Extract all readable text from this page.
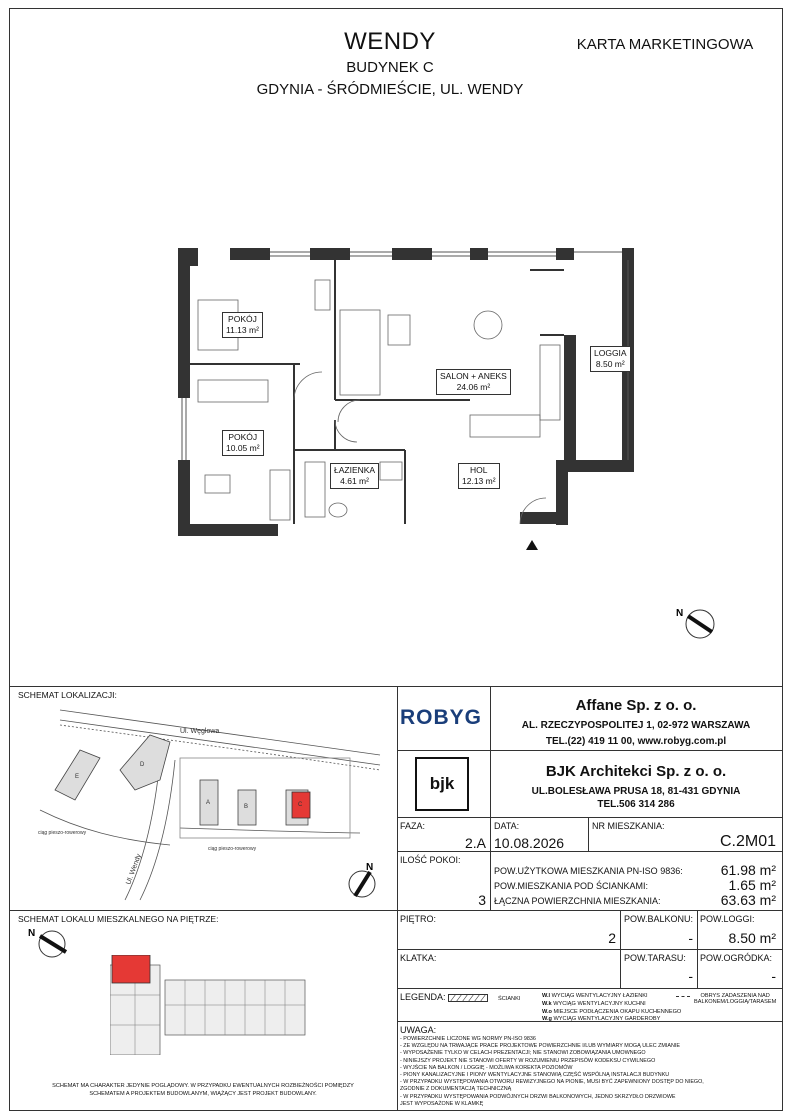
WENDY
BUDYNEK C
GDYNIA - ŚRÓDMIEŚCIE, UL. WENDY
KARTA MARKETINGOWA
POKÓJ
11.13 m²
SALON + ANEKS
24.06 m²
LOGGIA
8.50 m²
POKÓJ
10.05 m²
ŁAZIENKA
4.61 m²
HOL
12.13 m²
N
SCHEMAT LOKALIZACJI:
E
D
A
B	C
Ul. Węglowa
ciąg pieszo-rowerowy
ciąg pieszo-rowerowy
Ul. Wendy	N
SCHEMAT LOKALU MIESZKALNEGO NA PIĘTRZE:
N
SCHEMAT MA CHARAKTER JEDYNIE POGLĄDOWY. W PRZYPADKU EWENTUALNYCH ROZBIEŻNOŚCI POMIĘDZY
SCHEMATEM A PROJEKTEM BUDOWLANYM, WIĄŻĄCY JEST PROJEKT BUDOWLANY.
ROBYG
Affane Sp. z o. o.
AL. RZECZYPOSPOLITEJ 1, 02-972 WARSZAWA
TEL.(22) 419 11 00, www.robyg.com.pl
bjk
BJK Architekci Sp. z o. o.
UL.BOLESŁAWA PRUSA 18, 81-431 GDYNIA
TEL.506 314 286
FAZA:
2.A
DATA:
10.08.2026
NR MIESZKANIA:
C.2M01
ILOŚĆ POKOI:
3
POW.UŻYTKOWA MIESZKANIA PN-ISO 9836:	61.98 m²
POW.MIESZKANIA POD ŚCIANKAMI:	1.65 m²
ŁĄCZNA POWIERZCHNIA MIESZKANIA:	63.63 m²
PIĘTRO:
2
POW.BALKONU:
-
POW.LOGGI:
8.50 m²
KLATKA:	POW.TARASU:
-
POW.OGRÓDKA:
-
LEGENDA:	ŚCIANKI	W.l WYCIĄG WENTYLACYJNY ŁAZIENKI
W.k WYCIĄG WENTYLACYJNY KUCHNI
W.o MIEJSCE PODŁĄCZENIA OKAPU KUCHENNEGO
W.g WYCIĄG WENTYLACYJNY GARDEROBY
OBRYS ZADASZENIA NAD
BALKONEM/LOGGIĄ/TARASEM
UWAGA:
- POWIERZCHNIE LICZONE WG NORMY PN-ISO 9836
- ZE WZGLĘDU NA TRWAJĄCE PRACE PROJEKTOWE POWIERZCHNIE I/LUB WYMIARY MOGĄ ULEC ZMIANIE
- WYPOSAŻENIE TYLKO W CELACH PREZENTACJI; NIE STANOWI ZOBOWIĄZANIA UMOWNEGO
- NINIEJSZY PROJEKT NIE STANOWI OFERTY W ROZUMIENIU PRZEPISÓW KODEKSU CYWILNEGO
- WYJŚCIE NA BALKON / LOGGIĘ - MOŻLIWA KOREKTA POZIOMÓW
- PIONY KANALIZACYJNE I PIONY WENTYLACYJNE STANOWIĄ CZĘŚĆ WSPÓLNĄ INSTALACJI BUDYNKU
- W PRZYPADKU WYSTĘPOWANIA OTWORU REWIZYJNEGO NA PIONIE, MUSI BYĆ ZAPEWNIONY DOSTĘP DO NIEGO,
ZGODNIE Z DOKUMENTACJĄ TECHNICZNĄ
- W PRZYPADKU WYSTĘPOWANIA PODWÓJNYCH DRZWI BALKONOWYCH, JEDNO SKRZYDŁO DRZWIOWE
JEST WYPOSAŻONE W KLAMKĘ
